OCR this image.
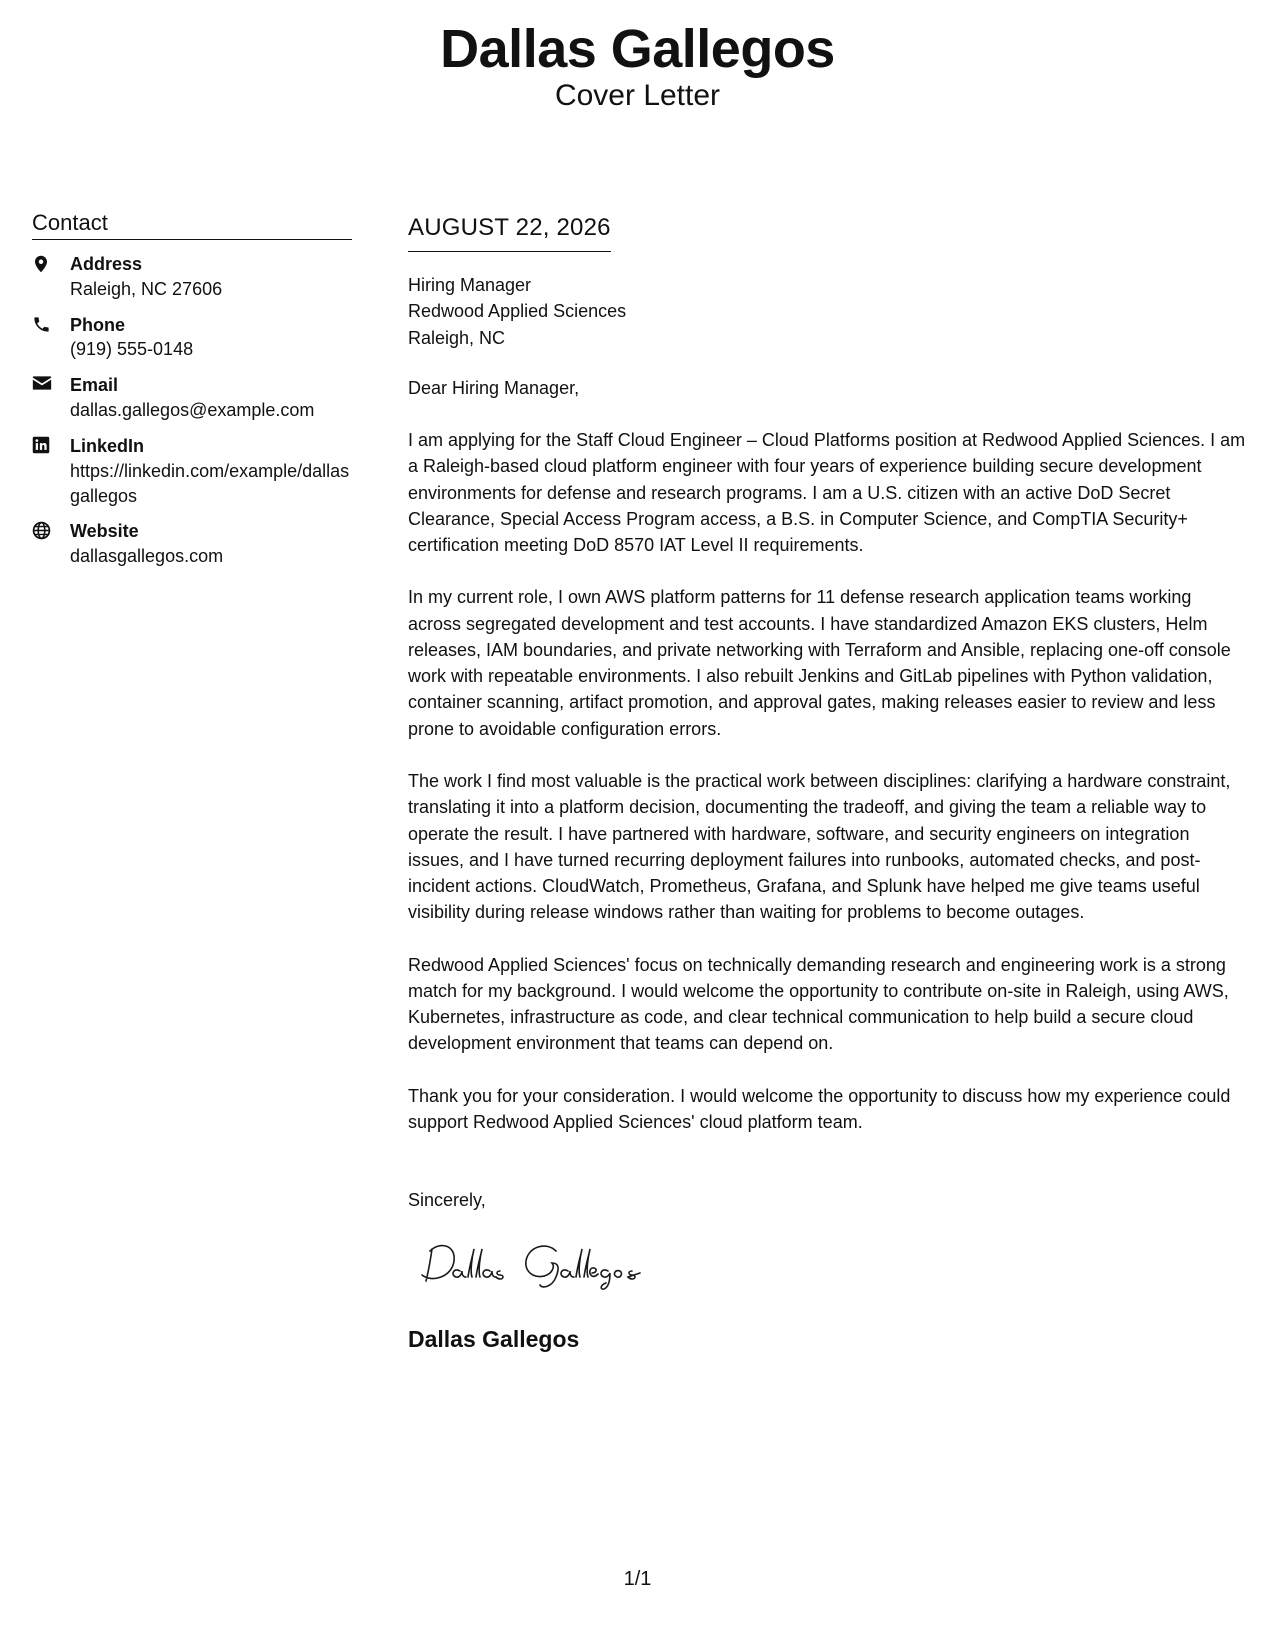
Dallas Gallegos
Cover Letter
Contact
Address
Raleigh, NC 27606
Phone
(919) 555-0148
Email
dallas.gallegos@example.com
LinkedIn
https://linkedin.com/example/dallasgallegos
Website
dallasgallegos.com
AUGUST 22, 2026
Hiring Manager
Redwood Applied Sciences
Raleigh, NC

Dear Hiring Manager,

I am applying for the Staff Cloud Engineer – Cloud Platforms position at Redwood Applied Sciences. I am a Raleigh-based cloud platform engineer with four years of experience building secure development environments for defense and research programs. I am a U.S. citizen with an active DoD Secret Clearance, Special Access Program access, a B.S. in Computer Science, and CompTIA Security+ certification meeting DoD 8570 IAT Level II requirements.

In my current role, I own AWS platform patterns for 11 defense research application teams working across segregated development and test accounts. I have standardized Amazon EKS clusters, Helm releases, IAM boundaries, and private networking with Terraform and Ansible, replacing one-off console work with repeatable environments. I also rebuilt Jenkins and GitLab pipelines with Python validation, container scanning, artifact promotion, and approval gates, making releases easier to review and less prone to avoidable configuration errors.

The work I find most valuable is the practical work between disciplines: clarifying a hardware constraint, translating it into a platform decision, documenting the tradeoff, and giving the team a reliable way to operate the result. I have partnered with hardware, software, and security engineers on integration issues, and I have turned recurring deployment failures into runbooks, automated checks, and post-incident actions. CloudWatch, Prometheus, Grafana, and Splunk have helped me give teams useful visibility during release windows rather than waiting for problems to become outages.

Redwood Applied Sciences' focus on technically demanding research and engineering work is a strong match for my background. I would welcome the opportunity to contribute on-site in Raleigh, using AWS, Kubernetes, infrastructure as code, and clear technical communication to help build a secure cloud development environment that teams can depend on.

Thank you for your consideration. I would welcome the opportunity to discuss how my experience could support Redwood Applied Sciences' cloud platform team.

Sincerely,
Dallas Gallegos
1/1
